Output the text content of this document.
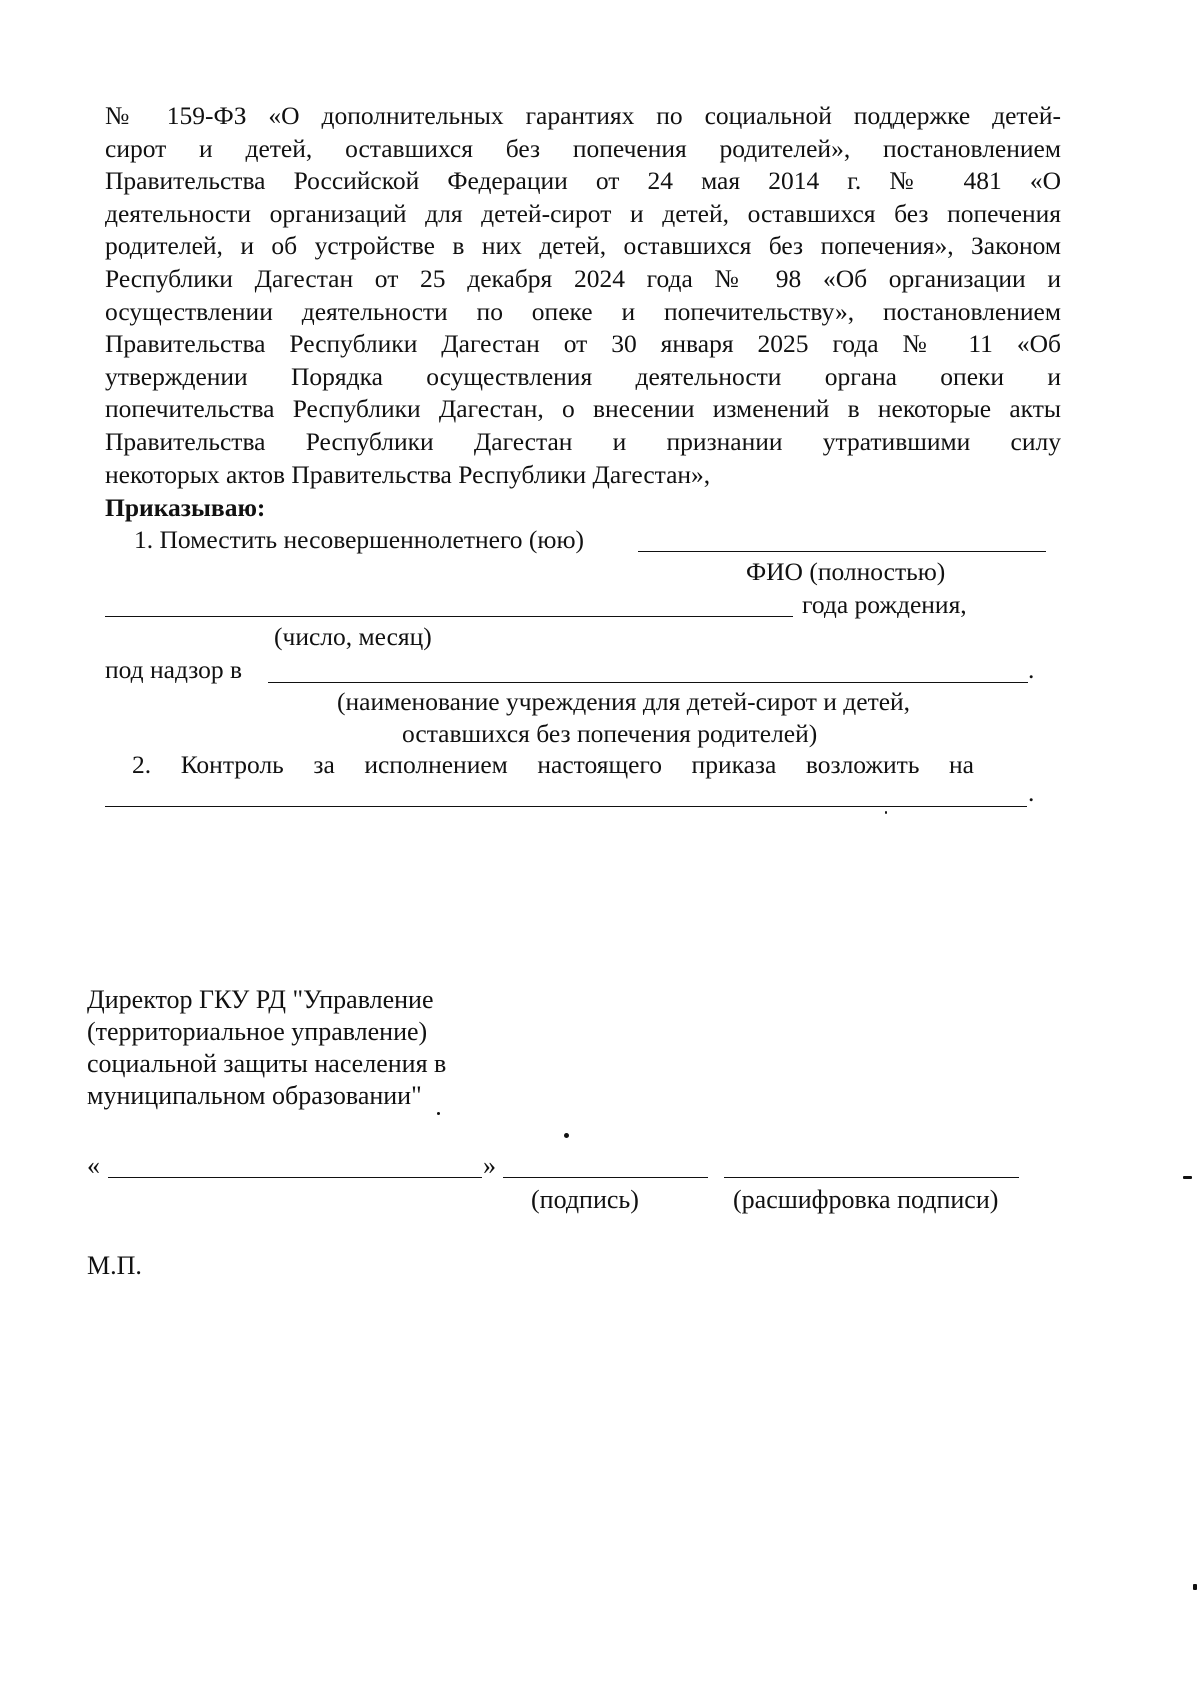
№ 159-ФЗ «О дополнительных гарантиях по социальной поддержке детей-
сирот и детей, оставшихся без попечения родителей», постановлением
Правительства Российской Федерации от 24 мая 2014 г. № 481 «О
деятельности организаций для детей-сирот и детей, оставшихся без попечения
родителей, и об устройстве в них детей, оставшихся без попечения», Законом
Республики Дагестан от 25 декабря 2024 года № 98 «Об организации и
осуществлении деятельности по опеке и попечительству», постановлением
Правительства Республики Дагестан от 30 января 2025 года № 11 «Об
утверждении Порядка осуществления деятельности органа опеки и
попечительства Республики Дагестан, о внесении изменений в некоторые акты
Правительства Республики Дагестан и признании утратившими силу
некоторых актов Правительства Республики Дагестан»,
Приказываю:
1. Поместить несовершеннолетнего (юю)
ФИО (полностью)
года рождения,
(число, месяц)
под надзор в	.
(наименование учреждения для детей-сирот и детей,
оставшихся без попечения родителей)
2. Контроль за исполнением настоящего приказа возложить на
.
Директор ГКУ РД "Управление
(территориальное управление)
социальной защиты населения в
муниципальном образовании"
«	»
(подпись)	(расшифровка подписи)
М.П.
